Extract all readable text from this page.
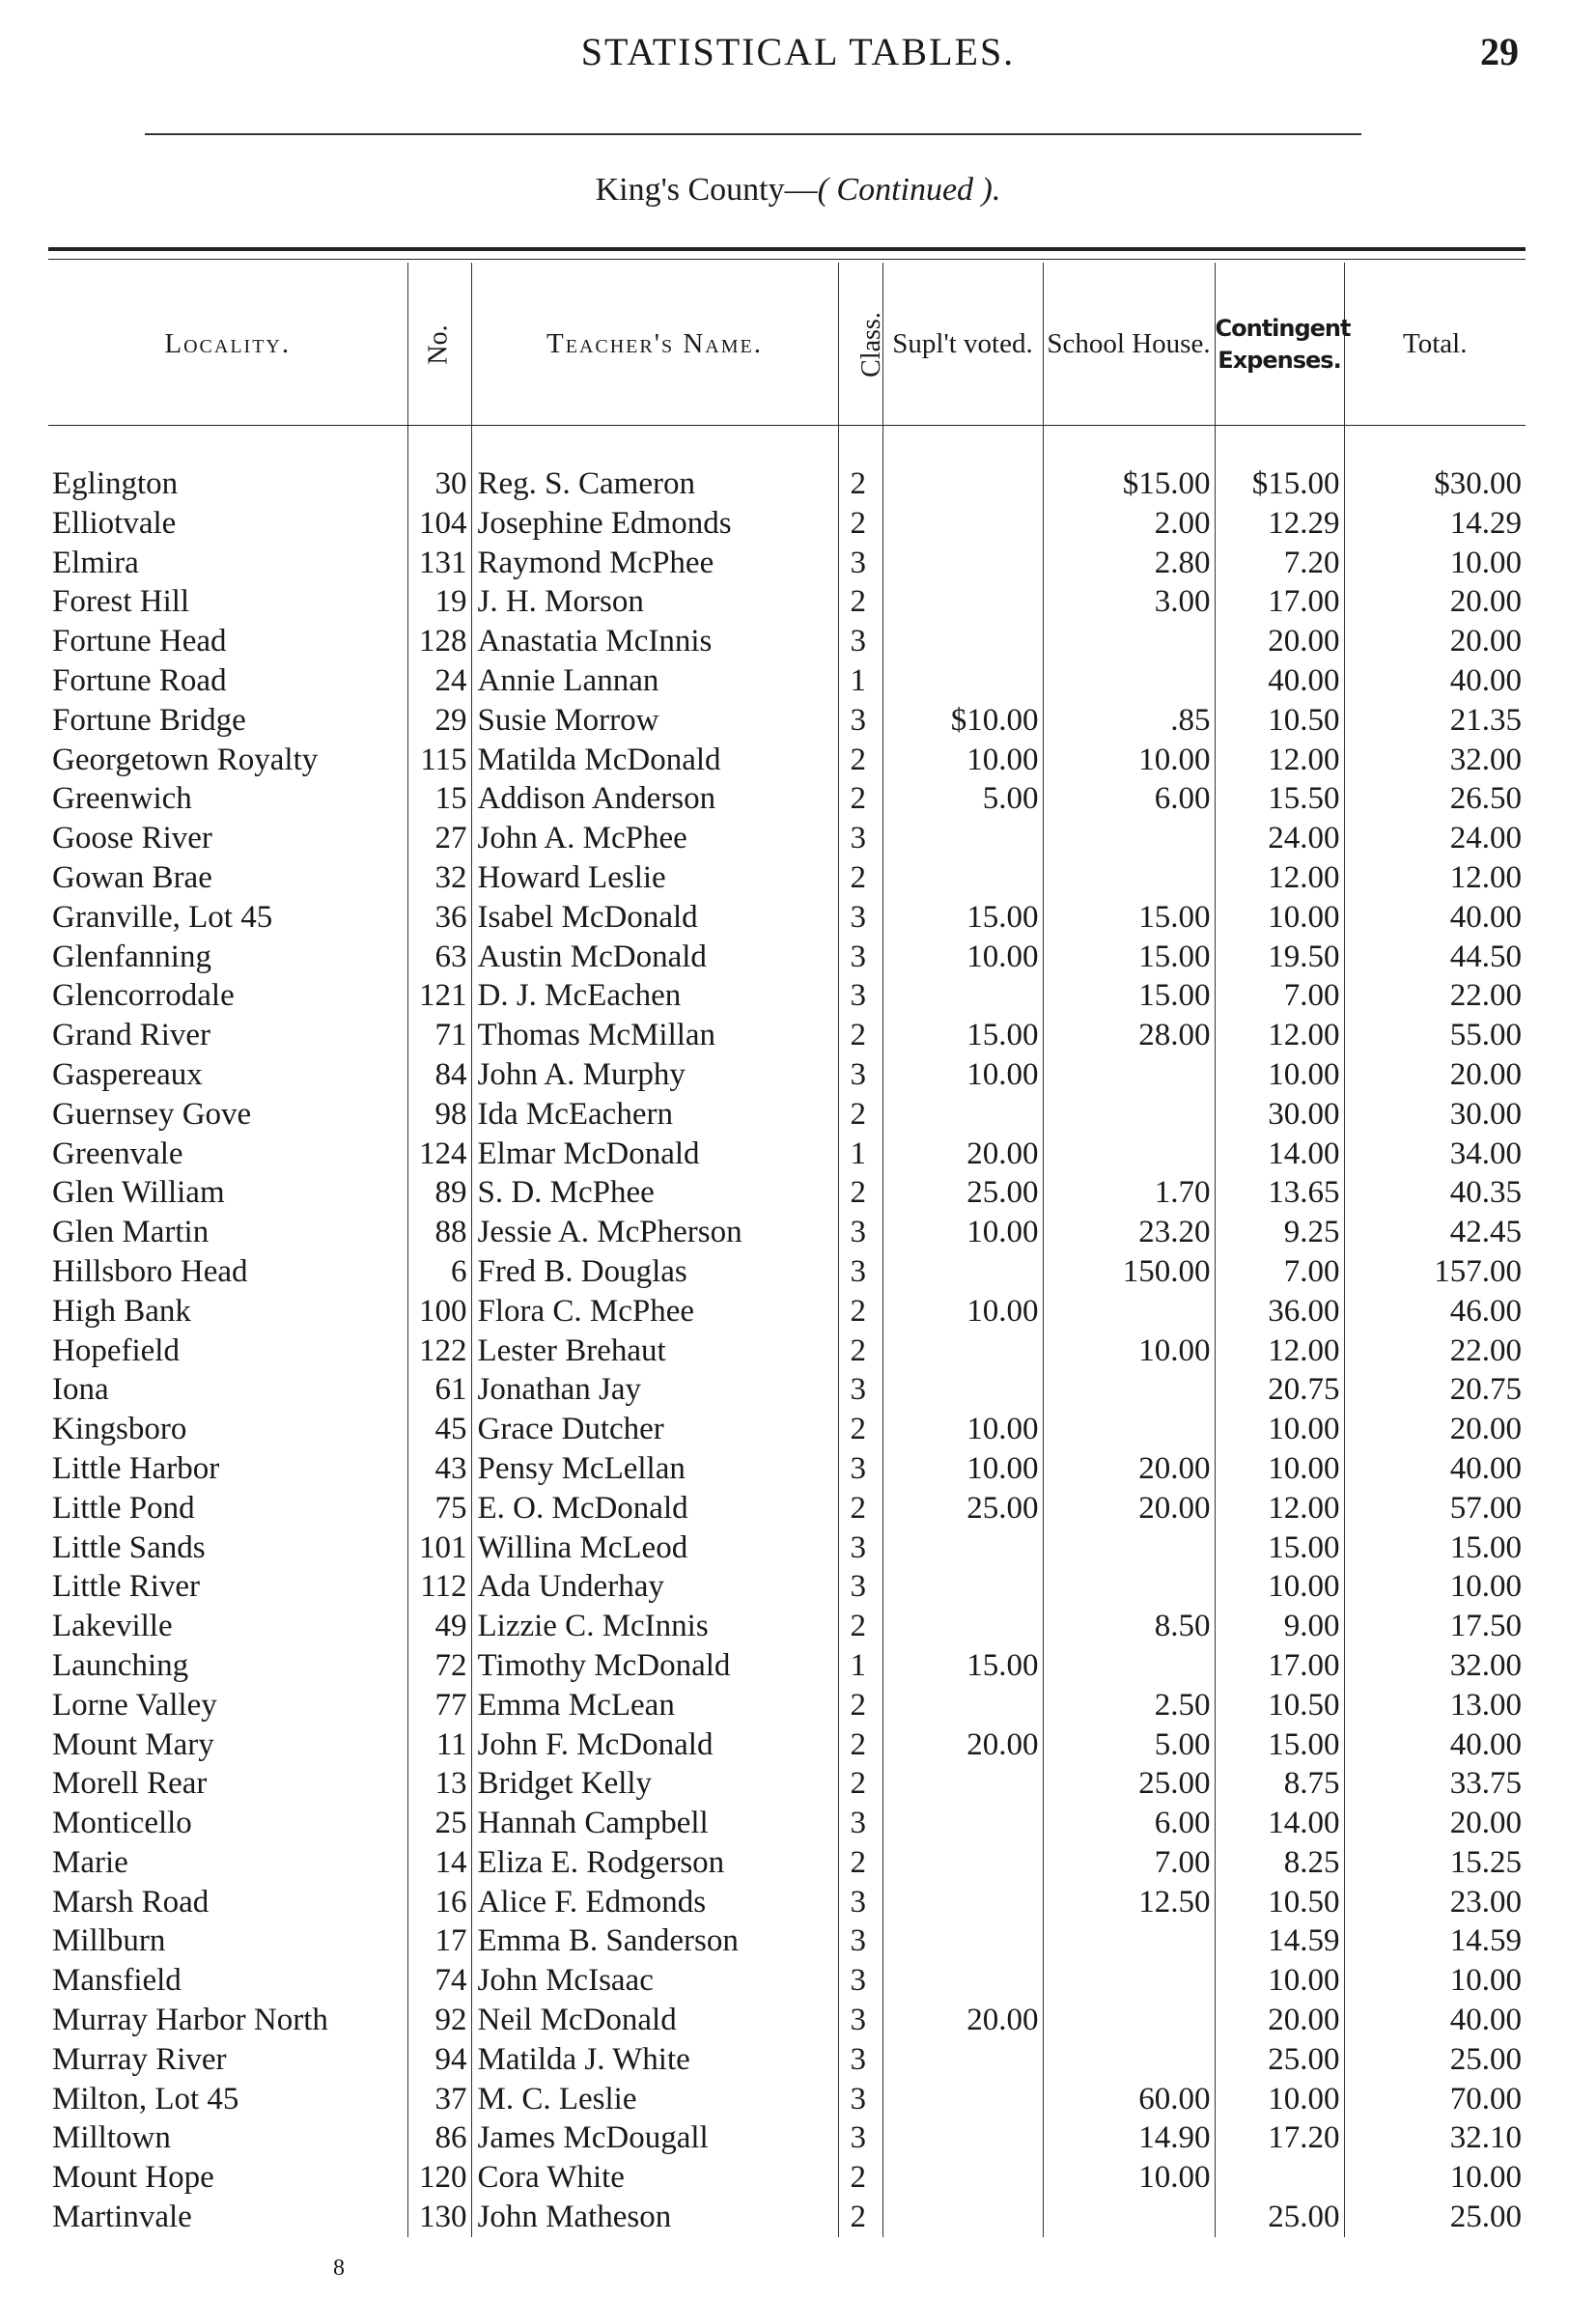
STATISTICAL TABLES.	29
King's County—( Continued ).
Locality.	No.	Teacher's Name.	Class.	Supl't voted.	School House.	Contingent Expenses.	Total.

Eglington	30	Reg. S. Cameron	2		$15.00	$15.00	$30.00
Elliotvale	104	Josephine Edmonds	2		2.00	12.29	14.29
Elmira	131	Raymond McPhee	3		2.80	7.20	10.00
Forest Hill	19	J. H. Morson	2		3.00	17.00	20.00
Fortune Head	128	Anastatia McInnis	3			20.00	20.00
Fortune Road	24	Annie Lannan	1			40.00	40.00
Fortune Bridge	29	Susie Morrow	3	$10.00	.85	10.50	21.35
Georgetown Royalty	115	Matilda McDonald	2	10.00	10.00	12.00	32.00
Greenwich	15	Addison Anderson	2	5.00	6.00	15.50	26.50
Goose River	27	John A. McPhee	3			24.00	24.00
Gowan Brae	32	Howard Leslie	2			12.00	12.00
Granville, Lot 45	36	Isabel McDonald	3	15.00	15.00	10.00	40.00
Glenfanning	63	Austin McDonald	3	10.00	15.00	19.50	44.50
Glencorrodale	121	D. J. McEachen	3		15.00	7.00	22.00
Grand River	71	Thomas McMillan	2	15.00	28.00	12.00	55.00
Gaspereaux	84	John A. Murphy	3	10.00		10.00	20.00
Guernsey Gove	98	Ida McEachern	2			30.00	30.00
Greenvale	124	Elmar McDonald	1	20.00		14.00	34.00
Glen William	89	S. D. McPhee	2	25.00	1.70	13.65	40.35
Glen Martin	88	Jessie A. McPherson	3	10.00	23.20	9.25	42.45
Hillsboro Head	6	Fred B. Douglas	3		150.00	7.00	157.00
High Bank	100	Flora C. McPhee	2	10.00		36.00	46.00
Hopefield	122	Lester Brehaut	2		10.00	12.00	22.00
Iona	61	Jonathan Jay	3			20.75	20.75
Kingsboro	45	Grace Dutcher	2	10.00		10.00	20.00
Little Harbor	43	Pensy McLellan	3	10.00	20.00	10.00	40.00
Little Pond	75	E. O. McDonald	2	25.00	20.00	12.00	57.00
Little Sands	101	Willina McLeod	3			15.00	15.00
Little River	112	Ada Underhay	3			10.00	10.00
Lakeville	49	Lizzie C. McInnis	2		8.50	9.00	17.50
Launching	72	Timothy McDonald	1	15.00		17.00	32.00
Lorne Valley	77	Emma McLean	2		2.50	10.50	13.00
Mount Mary	11	John F. McDonald	2	20.00	5.00	15.00	40.00
Morell Rear	13	Bridget Kelly	2		25.00	8.75	33.75
Monticello	25	Hannah Campbell	3		6.00	14.00	20.00
Marie	14	Eliza E. Rodgerson	2		7.00	8.25	15.25
Marsh Road	16	Alice F. Edmonds	3		12.50	10.50	23.00
Millburn	17	Emma B. Sanderson	3			14.59	14.59
Mansfield	74	John McIsaac	3			10.00	10.00
Murray Harbor North	92	Neil McDonald	3	20.00		20.00	40.00
Murray River	94	Matilda J. White	3			25.00	25.00
Milton, Lot 45	37	M. C. Leslie	3		60.00	10.00	70.00
Milltown	86	James McDougall	3		14.90	17.20	32.10
Mount Hope	120	Cora White	2		10.00		10.00
Martinvale	130	John Matheson	2			25.00	25.00
8
